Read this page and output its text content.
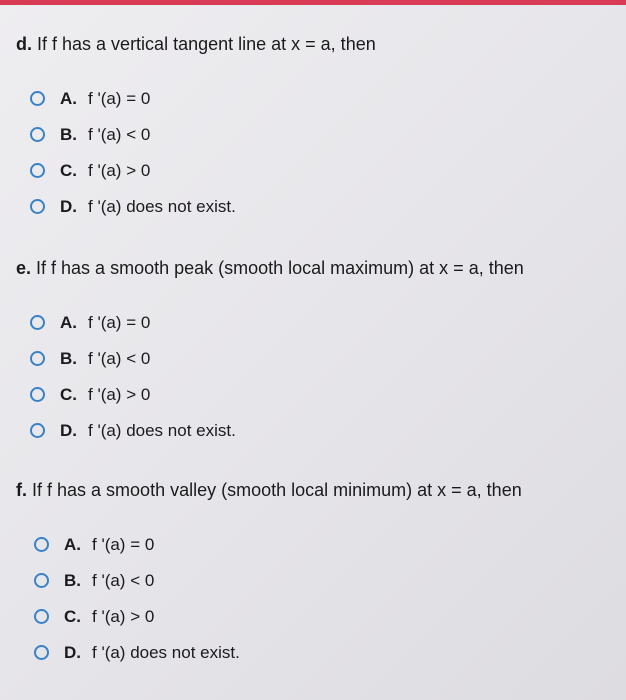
d. If f has a vertical tangent line at x = a, then
A. f '(a) = 0
B. f '(a) < 0
C. f '(a) > 0
D. f '(a) does not exist.
e. If f has a smooth peak (smooth local maximum) at x = a, then
A. f '(a) = 0
B. f '(a) < 0
C. f '(a) > 0
D. f '(a) does not exist.
f. If f has a smooth valley (smooth local minimum) at x = a, then
A. f '(a) = 0
B. f '(a) < 0
C. f '(a) > 0
D. f '(a) does not exist.
